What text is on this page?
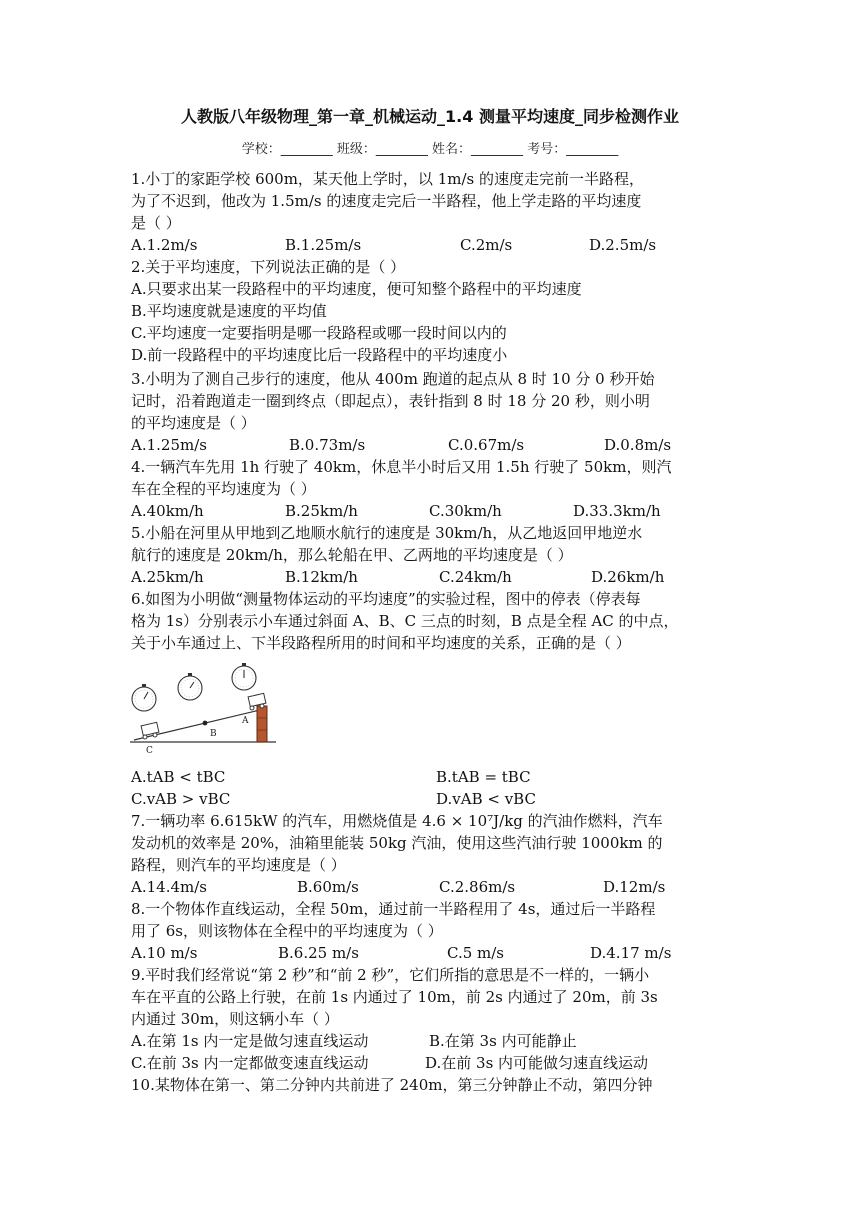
人教版八年级物理_第一章_机械运动_1.4 测量平均速度_同步检测作业
学校：________ 班级：________ 姓名：________ 考号：________
1.小丁的家距学校 600m，某天他上学时，以 1m/s 的速度走完前一半路程，
为了不迟到，他改为 1.5m/s 的速度走完后一半路程，他上学走路的平均速度
是（ ）
A.1.2m/s	B.1.25m/s	C.2m/s	D.2.5m/s
2.关于平均速度，下列说法正确的是（ ）
A.只要求出某一段路程中的平均速度，便可知整个路程中的平均速度
B.平均速度就是速度的平均值
C.平均速度一定要指明是哪一段路程或哪一段时间以内的
D.前一段路程中的平均速度比后一段路程中的平均速度小
3.小明为了测自己步行的速度，他从 400m 跑道的起点从 8 时 10 分 0 秒开始
记时，沿着跑道走一圈到终点（即起点），表针指到 8 时 18 分 20 秒，则小明
的平均速度是（ ）
A.1.25m/s	B.0.73m/s	C.0.67m/s	D.0.8m/s
4.一辆汽车先用 1h 行驶了 40km，休息半小时后又用 1.5h 行驶了 50km，则汽
车在全程的平均速度为（ ）
A.40km/h	B.25km/h	C.30km/h	D.33.3km/h
5.小船在河里从甲地到乙地顺水航行的速度是 30km/h，从乙地返回甲地逆水
航行的速度是 20km/h，那么轮船在甲、乙两地的平均速度是（ ）
A.25km/h	B.12km/h	C.24km/h	D.26km/h
6.如图为小明做“测量物体运动的平均速度”的实验过程，图中的停表（停表每
格为 1s）分别表示小车通过斜面 A、B、C 三点的时刻，B 点是全程 AC 的中点，
关于小车通过上、下半段路程所用的时间和平均速度的关系，正确的是（ ）
B
A
C
A.tAB < tBC	B.tAB = tBC
C.vAB > vBC	D.vAB < vBC
7.一辆功率 6.615kW 的汽车，用燃烧值是 4.6 × 10⁷J/kg 的汽油作燃料，汽车
发动机的效率是 20%，油箱里能装 50kg 汽油，使用这些汽油行驶 1000km 的
路程，则汽车的平均速度是（ ）
A.14.4m/s	B.60m/s	C.2.86m/s	D.12m/s
8.一个物体作直线运动，全程 50m，通过前一半路程用了 4s，通过后一半路程
用了 6s，则该物体在全程中的平均速度为（ ）
A.10 m/s	B.6.25 m/s	C.5 m/s	D.4.17 m/s
9.平时我们经常说“第 2 秒”和“前 2 秒”，它们所指的意思是不一样的，一辆小
车在平直的公路上行驶，在前 1s 内通过了 10m，前 2s 内通过了 20m，前 3s
内通过 30m，则这辆小车（ ）
A.在第 1s 内一定是做匀速直线运动	B.在第 3s 内可能静止
C.在前 3s 内一定都做变速直线运动	D.在前 3s 内可能做匀速直线运动
10.某物体在第一、第二分钟内共前进了 240m，第三分钟静止不动，第四分钟
